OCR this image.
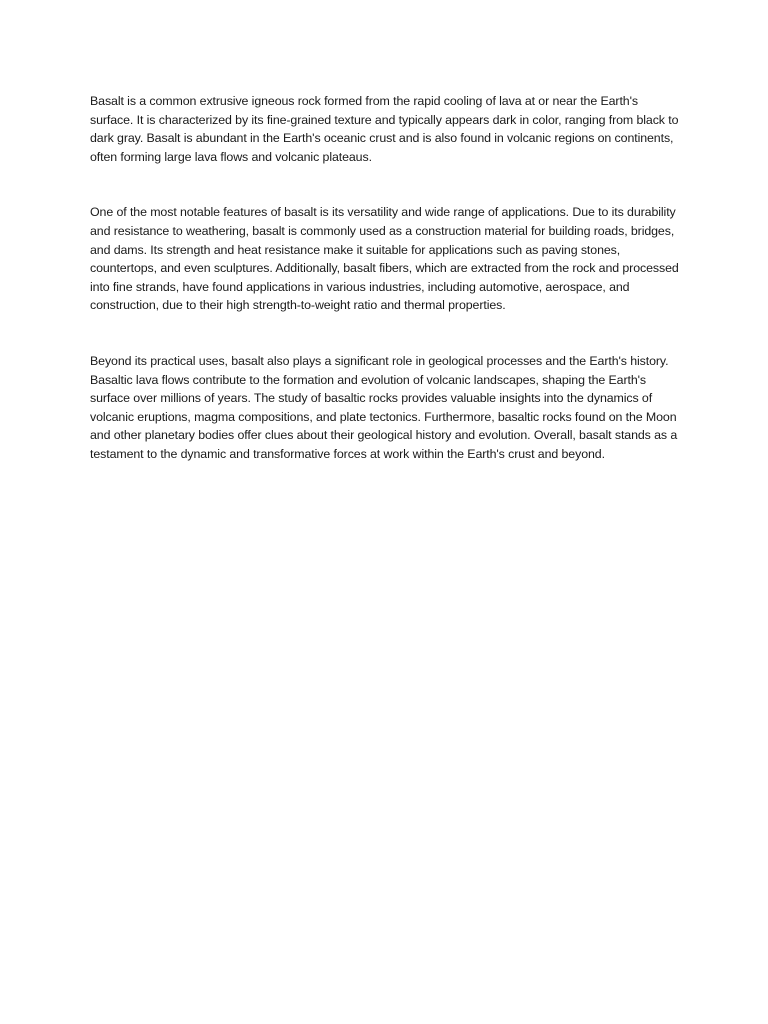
Basalt is a common extrusive igneous rock formed from the rapid cooling of lava at or near the Earth's surface. It is characterized by its fine-grained texture and typically appears dark in color, ranging from black to dark gray. Basalt is abundant in the Earth's oceanic crust and is also found in volcanic regions on continents, often forming large lava flows and volcanic plateaus.

One of the most notable features of basalt is its versatility and wide range of applications. Due to its durability and resistance to weathering, basalt is commonly used as a construction material for building roads, bridges, and dams. Its strength and heat resistance make it suitable for applications such as paving stones, countertops, and even sculptures. Additionally, basalt fibers, which are extracted from the rock and processed into fine strands, have found applications in various industries, including automotive, aerospace, and construction, due to their high strength-to-weight ratio and thermal properties.

Beyond its practical uses, basalt also plays a significant role in geological processes and the Earth's history. Basaltic lava flows contribute to the formation and evolution of volcanic landscapes, shaping the Earth's surface over millions of years. The study of basaltic rocks provides valuable insights into the dynamics of volcanic eruptions, magma compositions, and plate tectonics. Furthermore, basaltic rocks found on the Moon and other planetary bodies offer clues about their geological history and evolution. Overall, basalt stands as a testament to the dynamic and transformative forces at work within the Earth's crust and beyond.
